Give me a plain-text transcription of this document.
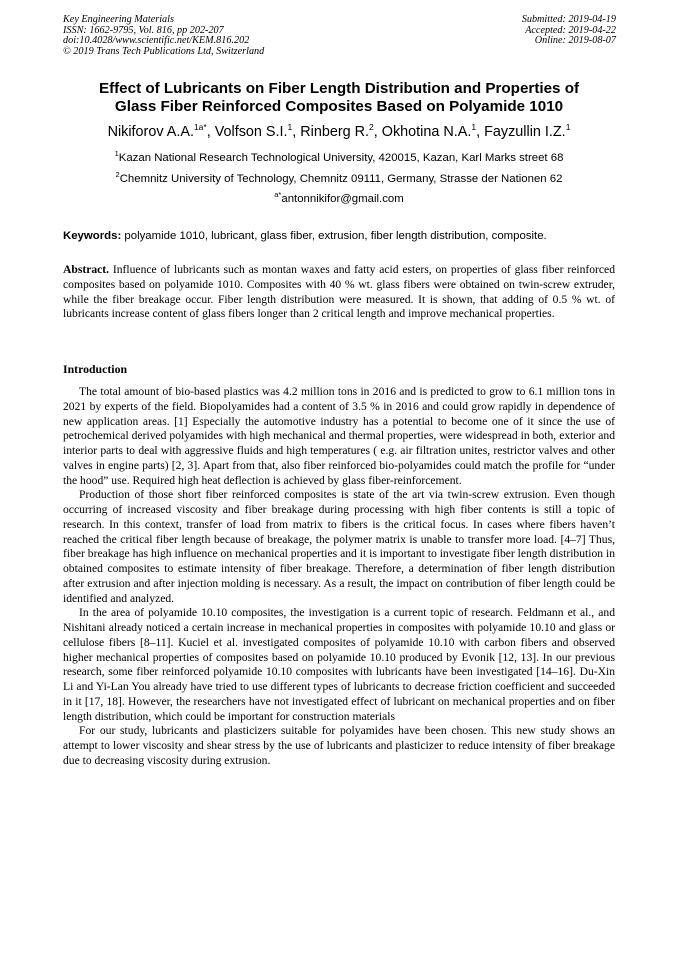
Key Engineering Materials
ISSN: 1662-9795, Vol. 816, pp 202-207
doi:10.4028/www.scientific.net/KEM.816.202
© 2019 Trans Tech Publications Ltd, Switzerland
Submitted: 2019-04-19
Accepted: 2019-04-22
Online: 2019-08-07
Effect of Lubricants on Fiber Length Distribution and Properties of
Glass Fiber Reinforced Composites Based on Polyamide 1010
Nikiforov A.A.$^{1a*}$, Volfson S.I.$^1$, Rinberg R.$^2$, Okhotina N.A.$^1$, Fayzullin I.Z.$^1$
$^1$Kazan National Research Technological University, 420015, Kazan, Karl Marks street 68
$^2$Chemnitz University of Technology, Chemnitz 09111, Germany, Strasse der Nationen 62
$^{a*}$antonnikifor@gmail.com
Keywords: polyamide 1010, lubricant, glass fiber, extrusion, fiber length distribution, composite.

Abstract. Influence of lubricants such as montan waxes and fatty acid esters, on properties of glass fiber reinforced composites based on polyamide 1010. Composites with 40 % wt. glass fibers were obtained on twin-screw extruder, while the fiber breakage occur. Fiber length distribution were measured. It is shown, that adding of 0.5 % wt. of lubricants increase content of glass fibers longer than 2 critical length and improve mechanical properties.

Introduction

The total amount of bio-based plastics was 4.2 million tons in 2016 and is predicted to grow to 6.1 million tons in 2021 by experts of the field. Biopolyamides had a content of 3.5 % in 2016 and could grow rapidly in dependence of new application areas. [1] Especially the automotive industry has a potential to become one of it since the use of petrochemical derived polyamides with high mechanical and thermal properties, were widespread in both, exterior and interior parts to deal with aggressive fluids and high temperatures ( e.g. air filtration unites, restrictor valves and other valves in engine parts) [2, 3]. Apart from that, also fiber reinforced bio-polyamides could match the profile for “under the hood” use. Required high heat deflection is achieved by glass fiber-reinforcement.

Production of those short fiber reinforced composites is state of the art via twin-screw extrusion. Even though occurring of increased viscosity and fiber breakage during processing with high fiber contents is still a topic of research. In this context, transfer of load from matrix to fibers is the critical focus. In cases where fibers haven’t reached the critical fiber length because of breakage, the polymer matrix is unable to transfer more load. [4–7] Thus, fiber breakage has high influence on mechanical properties and it is important to investigate fiber length distribution in obtained composites to estimate intensity of fiber breakage. Therefore, a determination of fiber length distribution after extrusion and after injection molding is necessary. As a result, the impact on contribution of fiber length could be identified and analyzed.

In the area of polyamide 10.10 composites, the investigation is a current topic of research. Feldmann et al., and Nishitani already noticed a certain increase in mechanical properties in composites with polyamide 10.10 and glass or cellulose fibers [8–11]. Kuciel et al. investigated composites of polyamide 10.10 with carbon fibers and observed higher mechanical properties of composites based on polyamide 10.10 produced by Evonik [12, 13]. In our previous research, some fiber reinforced polyamide 10.10 composites with lubricants have been investigated [14–16]. Du-Xin Li and Yi-Lan You already have tried to use different types of lubricants to decrease friction coefficient and succeeded in it [17, 18]. However, the researchers have not investigated effect of lubricant on mechanical properties and on fiber length distribution, which could be important for construction materials

For our study, lubricants and plasticizers suitable for polyamides have been chosen. This new study shows an attempt to lower viscosity and shear stress by the use of lubricants and plasticizer to reduce intensity of fiber breakage due to decreasing viscosity during extrusion.
